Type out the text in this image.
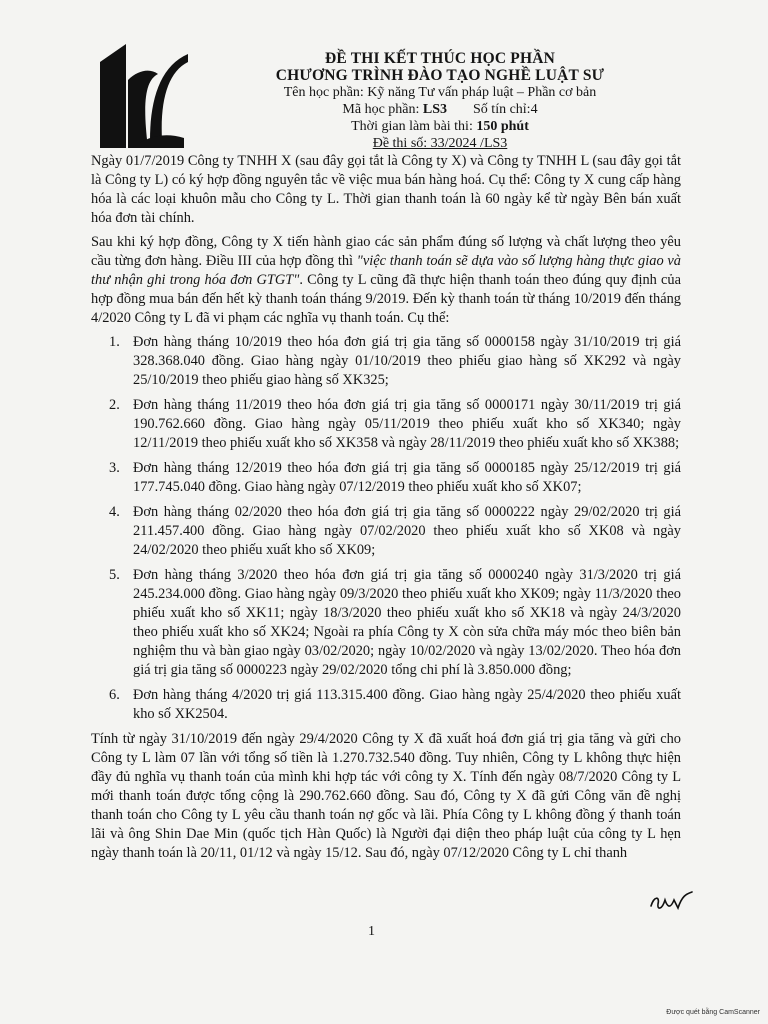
ĐỀ THI KẾT THÚC HỌC PHẦN
CHƯƠNG TRÌNH ĐÀO TẠO NGHỀ LUẬT SƯ
Tên học phần: Kỹ năng Tư vấn pháp luật – Phần cơ bản
Mã học phần: LS3 Số tín chỉ:4
Thời gian làm bài thi: 150 phút
Đề thi số: 33/2024 /LS3

Ngày 01/7/2019 Công ty TNHH X (sau đây gọi tắt là Công ty X) và Công ty TNHH L (sau đây gọi tắt là Công ty L) có ký hợp đồng nguyên tắc về việc mua bán hàng hoá. Cụ thể: Công ty X cung cấp hàng hóa là các loại khuôn mẫu cho Công ty L. Thời gian thanh toán là 60 ngày kể từ ngày Bên bán xuất hóa đơn tài chính.

Sau khi ký hợp đồng, Công ty X tiến hành giao các sản phẩm đúng số lượng và chất lượng theo yêu cầu từng đơn hàng. Điều III của hợp đồng thì "việc thanh toán sẽ dựa vào số lượng hàng thực giao và thư nhận ghi trong hóa đơn GTGT". Công ty L cũng đã thực hiện thanh toán theo đúng quy định của hợp đồng mua bán đến hết kỳ thanh toán tháng 9/2019. Đến kỳ thanh toán từ tháng 10/2019 đến tháng 4/2020 Công ty L đã vi phạm các nghĩa vụ thanh toán. Cụ thể:

1. Đơn hàng tháng 10/2019 theo hóa đơn giá trị gia tăng số 0000158 ngày 31/10/2019 trị giá 328.368.040 đồng. Giao hàng ngày 01/10/2019 theo phiếu giao hàng số XK292 và ngày 25/10/2019 theo phiếu giao hàng số XK325;
2. Đơn hàng tháng 11/2019 theo hóa đơn giá trị gia tăng số 0000171 ngày 30/11/2019 trị giá 190.762.660 đồng. Giao hàng ngày 05/11/2019 theo phiếu xuất kho số XK340; ngày 12/11/2019 theo phiếu xuất kho số XK358 và ngày 28/11/2019 theo phiếu xuất kho số XK388;
3. Đơn hàng tháng 12/2019 theo hóa đơn giá trị gia tăng số 0000185 ngày 25/12/2019 trị giá 177.745.040 đồng. Giao hàng ngày 07/12/2019 theo phiếu xuất kho số XK07;
4. Đơn hàng tháng 02/2020 theo hóa đơn giá trị gia tăng số 0000222 ngày 29/02/2020 trị giá 211.457.400 đồng. Giao hàng ngày 07/02/2020 theo phiếu xuất kho số XK08 và ngày 24/02/2020 theo phiếu xuất kho số XK09;
5. Đơn hàng tháng 3/2020 theo hóa đơn giá trị gia tăng số 0000240 ngày 31/3/2020 trị giá 245.234.000 đồng. Giao hàng ngày 09/3/2020 theo phiếu xuất kho XK09; ngày 11/3/2020 theo phiếu xuất kho số XK11; ngày 18/3/2020 theo phiếu xuất kho số XK18 và ngày 24/3/2020 theo phiếu xuất kho số XK24; Ngoài ra phía Công ty X còn sửa chữa máy móc theo biên bản nghiệm thu và bàn giao ngày 03/02/2020; ngày 10/02/2020 và ngày 13/02/2020. Theo hóa đơn giá trị gia tăng số 0000223 ngày 29/02/2020 tổng chi phí là 3.850.000 đồng;
6. Đơn hàng tháng 4/2020 trị giá 113.315.400 đồng. Giao hàng ngày 25/4/2020 theo phiếu xuất kho số XK2504.

Tính từ ngày 31/10/2019 đến ngày 29/4/2020 Công ty X đã xuất hoá đơn giá trị gia tăng và gửi cho Công ty L làm 07 lần với tổng số tiền là 1.270.732.540 đồng. Tuy nhiên, Công ty L không thực hiện đầy đủ nghĩa vụ thanh toán của mình khi hợp tác với công ty X. Tính đến ngày 08/7/2020 Công ty L mới thanh toán được tổng cộng là 290.762.660 đồng. Sau đó, Công ty X đã gửi Công văn đề nghị thanh toán cho Công ty L yêu cầu thanh toán nợ gốc và lãi. Phía Công ty L không đồng ý thanh toán lãi và ông Shin Dae Min (quốc tịch Hàn Quốc) là Người đại diện theo pháp luật của công ty L hẹn ngày thanh toán là 20/11, 01/12 và ngày 15/12. Sau đó, ngày 07/12/2020 Công ty L chỉ thanh

1
Được quét bằng CamScanner
